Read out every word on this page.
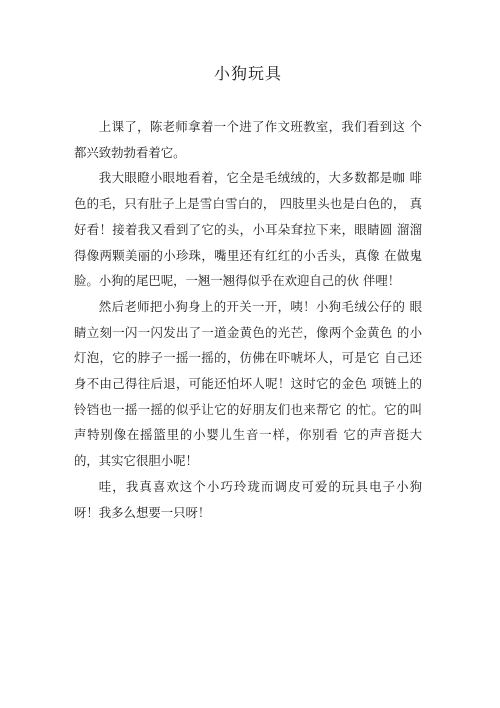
小狗玩具

上课了，陈老师拿着一个进了作文班教室，我们看到这 个都兴致勃勃看着它。

我大眼瞪小眼地看着，它全是毛绒绒的，大多数都是咖 啡色的毛，只有肚子上是雪白雪白的， 四肢里头也是白色的， 真好看！接着我又看到了它的头，小耳朵耷拉下来，眼睛圆 溜溜得像两颗美丽的小珍珠，嘴里还有红红的小舌头，真像 在做鬼脸。小狗的尾巴呢，一翘一翘得似乎在欢迎自己的伙 伴哩！

然后老师把小狗身上的开关一开，咦！小狗毛绒公仔的 眼睛立刻一闪一闪发出了一道金黄色的光芒，像两个金黄色 的小灯泡，它的脖子一摇一摇的，仿佛在吓唬坏人，可是它 自己还身不由己得往后退，可能还怕坏人呢！这时它的金色 项链上的铃铛也一摇一摇的似乎让它的好朋友们也来帮它 的忙。它的叫声特别像在摇篮里的小婴儿生音一样，你别看 它的声音挺大的，其实它很胆小呢！

哇，我真喜欢这个小巧玲珑而调皮可爱的玩具电子小狗 呀！我多么想要一只呀！
